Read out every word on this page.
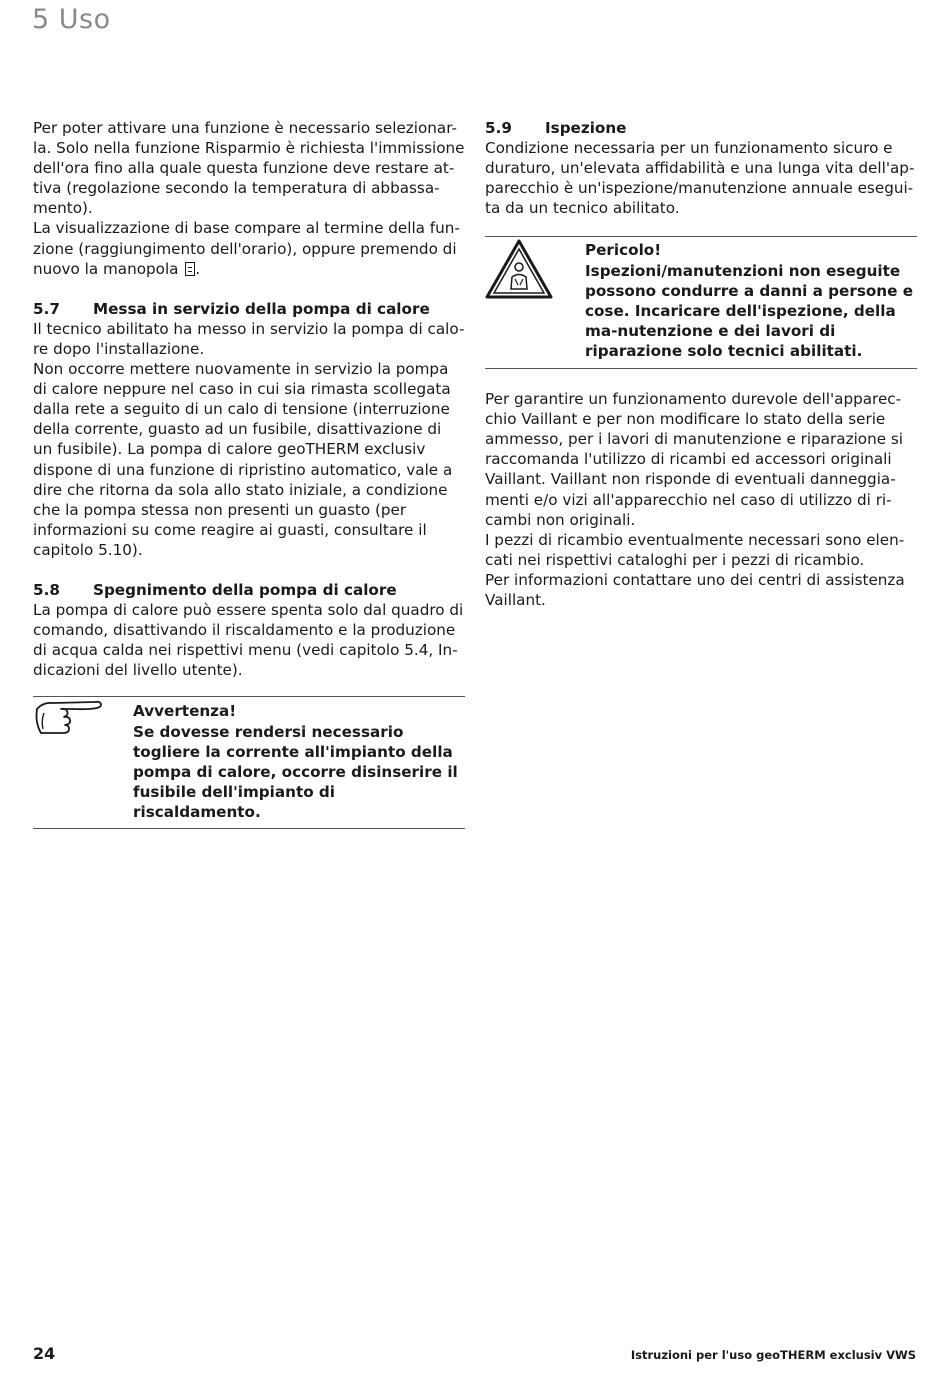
5 Uso

Per poter attivare una funzione è necessario selezionar-la. Solo nella funzione Risparmio è richiesta l'immissione dell'ora fino alla quale questa funzione deve restare at-tiva (regolazione secondo la temperatura di abbassa-mento).

La visualizzazione di base compare al termine della fun-zione (raggiungimento dell'orario), oppure premendo di nuovo la manopola .

5.7 Messa in servizio della pompa di calore

Il tecnico abilitato ha messo in servizio la pompa di calo-re dopo l'installazione.

Non occorre mettere nuovamente in servizio la pompa di calore neppure nel caso in cui sia rimasta scollegata dalla rete a seguito di un calo di tensione (interruzione della corrente, guasto ad un fusibile, disattivazione di un fusibile). La pompa di calore geoTHERM exclusiv dispone di una funzione di ripristino automatico, vale a dire che ritorna da sola allo stato iniziale, a condizione che la pompa stessa non presenti un guasto (per informazioni su come reagire ai guasti, consultare il capitolo 5.10).

5.8 Spegnimento della pompa di calore

La pompa di calore può essere spenta solo dal quadro di comando, disattivando il riscaldamento e la produzione di acqua calda nei rispettivi menu (vedi capitolo 5.4, In-dicazioni del livello utente).

Avvertenza!

Se dovesse rendersi necessario togliere la corrente all'impianto della pompa di calore, occorre disinserire il fusibile dell'impianto di riscaldamento.

5.9 Ispezione

Condizione necessaria per un funzionamento sicuro e duraturo, un'elevata affidabilità e una lunga vita dell'ap-parecchio è un'ispezione/manutenzione annuale esegui-ta da un tecnico abilitato.

Pericolo!

Ispezioni/manutenzioni non eseguite possono condurre a danni a persone e cose. Incaricare dell'ispezione, della ma-nutenzione e dei lavori di riparazione solo tecnici abilitati.

Per garantire un funzionamento durevole dell'apparec-chio Vaillant e per non modificare lo stato della serie ammesso, per i lavori di manutenzione e riparazione si raccomanda l'utilizzo di ricambi ed accessori originali Vaillant. Vaillant non risponde di eventuali danneggia-menti e/o vizi all'apparecchio nel caso di utilizzo di ri-cambi non originali.

I pezzi di ricambio eventualmente necessari sono elen-cati nei rispettivi cataloghi per i pezzi di ricambio.

Per informazioni contattare uno dei centri di assistenza Vaillant.

24	Istruzioni per l'uso geoTHERM exclusiv VWS
